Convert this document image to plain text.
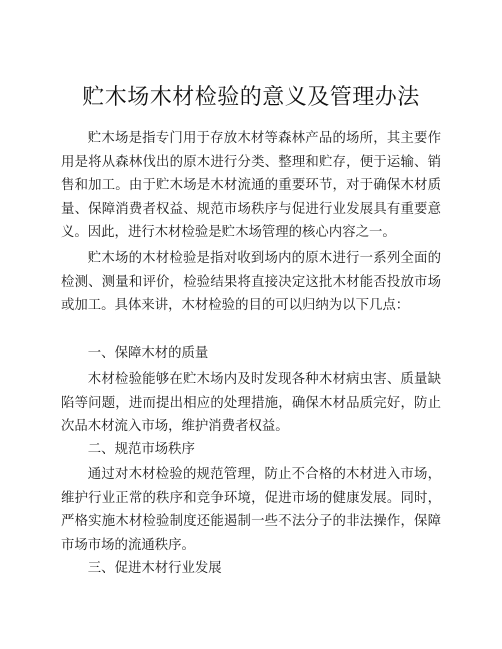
贮木场木材检验的意义及管理办法

贮木场是指专门用于存放木材等森林产品的场所，其主要作用是将从森林伐出的原木进行分类、整理和贮存，便于运输、销售和加工。由于贮木场是木材流通的重要环节，对于确保木材质量、保障消费者权益、规范市场秩序与促进行业发展具有重要意义。因此，进行木材检验是贮木场管理的核心内容之一。

贮木场的木材检验是指对收到场内的原木进行一系列全面的检测、测量和评价，检验结果将直接决定这批木材能否投放市场或加工。具体来讲，木材检验的目的可以归纳为以下几点：

一、保障木材的质量

木材检验能够在贮木场内及时发现各种木材病虫害、质量缺陷等问题，进而提出相应的处理措施，确保木材品质完好，防止次品木材流入市场，维护消费者权益。

二、规范市场秩序

通过对木材检验的规范管理，防止不合格的木材进入市场，维护行业正常的秩序和竞争环境，促进市场的健康发展。同时，严格实施木材检验制度还能遏制一些不法分子的非法操作，保障市场市场的流通秩序。

三、促进木材行业发展
